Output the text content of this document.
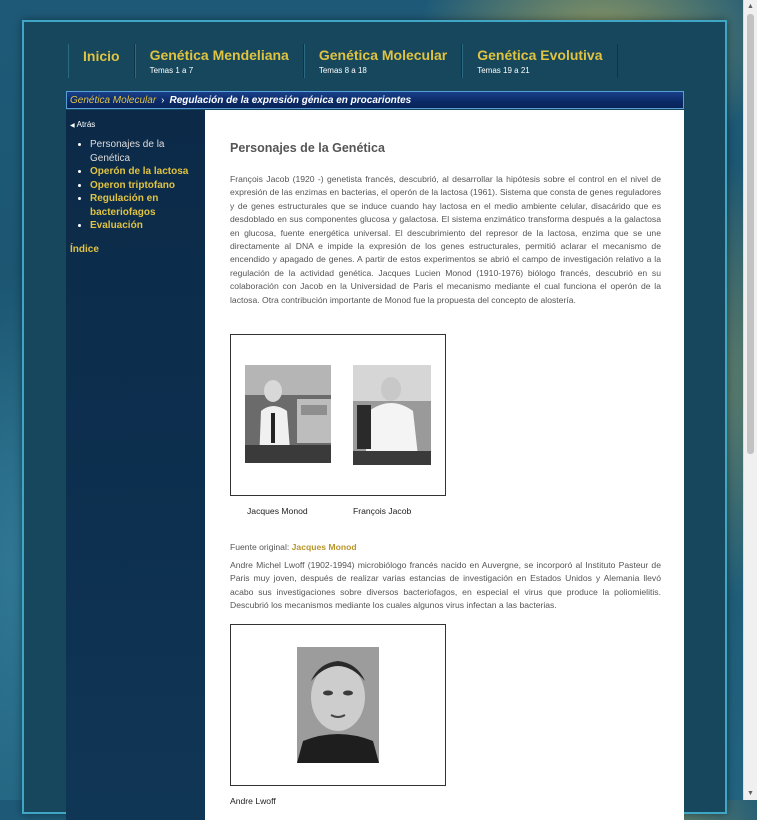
Inicio Genética Mendeliana
Temas 1 a 7
Genética Molecular
Temas 8 a 18
Genética Evolutiva
Temas 19 a 21
Genética Molecular › Regulación de la expresión génica en procariontes
◀ Atrás
• Personajes de la Genética
• Operón de la lactosa
• Operon triptofano
• Regulación en bacteriofagos
• Evaluación
Índice
Personajes de la Genética

François Jacob (1920 -) genetista francés, descubrió, al desarrollar la hipótesis sobre el control en el nivel de expresión de las enzimas en bacterias, el operón de la lactosa (1961). Sistema que consta de genes reguladores y de genes estructurales que se induce cuando hay lactosa en el medio ambiente celular, disacárido que es desdoblado en sus componentes glucosa y galactosa. El sistema enzimático transforma después a la galactosa en glucosa, fuente energética universal. El descubrimiento del represor de la lactosa, enzima que se une directamente al DNA e impide la expresión de los genes estructurales, permitió aclarar el mecanismo de encendido y apagado de genes. A partir de estos experimentos se abrió el campo de investigación relativo a la regulación de la actividad genética. Jacques Lucien Monod (1910-1976) biólogo francés, descubrió en su colaboración con Jacob en la Universidad de Paris el mecanismo mediante el cual funciona el operón de la lactosa. Otra contribución importante de Monod fue la propuesta del concepto de alostería.

Jacques Monod	François Jacob
Fuente original: Jacques Monod

Andre Michel Lwoff (1902-1994) microbiólogo francés nacido en Auvergne, se incorporó al Instituto Pasteur de Paris muy joven, después de realizar varias estancias de investigación en Estados Unidos y Alemania llevó acabo sus investigaciones sobre diversos bacteriofagos, en especial el virus que produce la poliomielitis. Descubrió los mecanismos mediante los cuales algunos virus infectan a las bacterias.

Andre Lwoff
▲
▼
